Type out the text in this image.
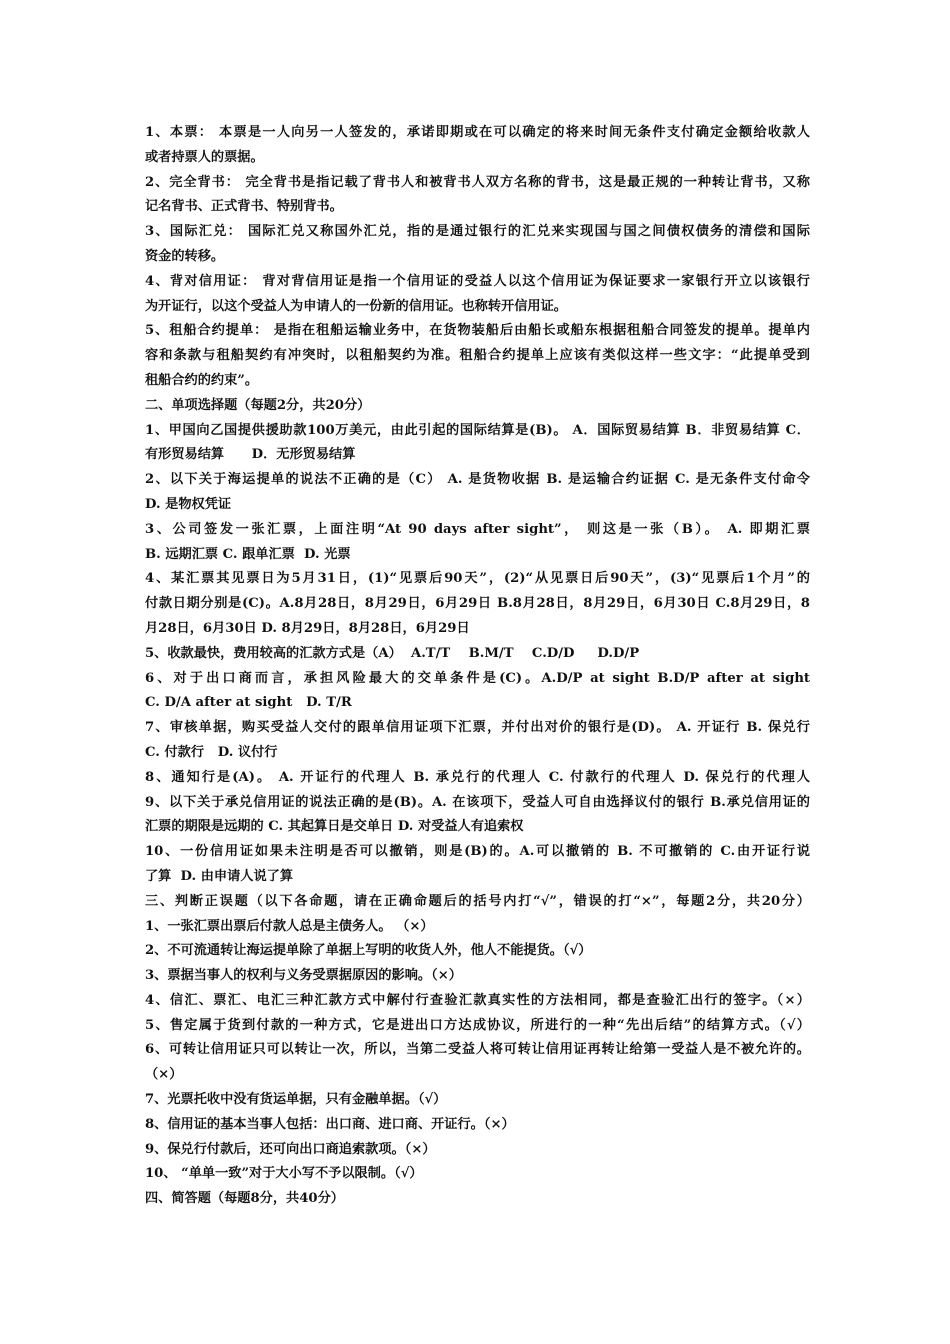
1、本票： 本票是一人向另一人签发的，承诺即期或在可以确定的将来时间无条件支付确定金额给收款人
或者持票人的票据。
2、完全背书： 完全背书是指记载了背书人和被背书人双方名称的背书，这是最正规的一种转让背书，又称
记名背书、正式背书、特别背书。
3、国际汇兑： 国际汇兑又称国外汇兑，指的是通过银行的汇兑来实现国与国之间债权债务的清偿和国际
资金的转移。
4、背对信用证： 背对背信用证是指一个信用证的受益人以这个信用证为保证要求一家银行开立以该银行
为开证行，以这个受益人为申请人的一份新的信用证。也称转开信用证。
5、租船合约提单： 是指在租船运输业务中，在货物装船后由船长或船东根据租船合同签发的提单。提单内
容和条款与租船契约有冲突时，以租船契约为准。租船合约提单上应该有类似这样一些文字：“此提单受到
租船合约的约束”。
二、单项选择题（每题2分，共20分）
1、甲国向乙国提供援助款100万美元，由此引起的国际结算是(B)。 A．国际贸易结算 B．非贸易结算 C．
有形贸易结算      D．无形贸易结算
2、以下关于海运提单的说法不正确的是（C） A. 是货物收据 B. 是运输合约证据 C. 是无条件支付命令
D. 是物权凭证
3、公司签发一张汇票，上面注明“At 90 days after sight”， 则这是一张（B）。 A. 即期汇票
B. 远期汇票 C. 跟单汇票  D. 光票
4、某汇票其见票日为5月31日，(1)“见票后90天”，(2)“从见票日后90天”，(3)“见票后1个月”的
付款日期分别是(C)。A.8月28日，8月29日，6月29日 B.8月28日，8月29日，6月30日 C.8月29日，8
月28日，6月30日 D. 8月29日，8月28日，6月29日
5、收款最快，费用较高的汇款方式是（A）  A.T/T    B.M/T    C.D/D     D.D/P
6、对于出口商而言，承担风险最大的交单条件是(C)。A.D/P at sight B.D/P after at sight
C. D/A after at sight   D. T/R
7、审核单据，购买受益人交付的跟单信用证项下汇票，并付出对价的银行是(D)。 A. 开证行 B. 保兑行
C. 付款行   D. 议付行
8、通知行是(A)。 A. 开证行的代理人 B. 承兑行的代理人 C. 付款行的代理人 D. 保兑行的代理人
9、以下关于承兑信用证的说法正确的是(B)。A. 在该项下，受益人可自由选择议付的银行 B.承兑信用证的
汇票的期限是远期的 C. 其起算日是交单日 D. 对受益人有追索权
10、一份信用证如果未注明是否可以撤销，则是(B)的。A.可以撤销的 B. 不可撤销的 C.由开证行说
了算  D. 由申请人说了算
三、判断正误题（以下各命题，请在正确命题后的括号内打“√”，错误的打“×”，每题2分，共20分）
1、一张汇票出票后付款人总是主债务人。 （×）
2、不可流通转让海运提单除了单据上写明的收货人外，他人不能提货。（√）
3、票据当事人的权利与义务受票据原因的影响。（×）
4、信汇、票汇、电汇三种汇款方式中解付行查验汇款真实性的方法相同，都是查验汇出行的签字。（×）
5、售定属于货到付款的一种方式，它是进出口方达成协议，所进行的一种“先出后结”的结算方式。（√）
6、可转让信用证只可以转让一次，所以，当第二受益人将可转让信用证再转让给第一受益人是不被允许的。
（×）
7、光票托收中没有货运单据，只有金融单据。（√）
8、信用证的基本当事人包括：出口商、进口商、开证行。（×）
9、保兑行付款后，还可向出口商追索款项。（×）
10、 “单单一致”对于大小写不予以限制。（√）
四、简答题（每题8分，共40分）
